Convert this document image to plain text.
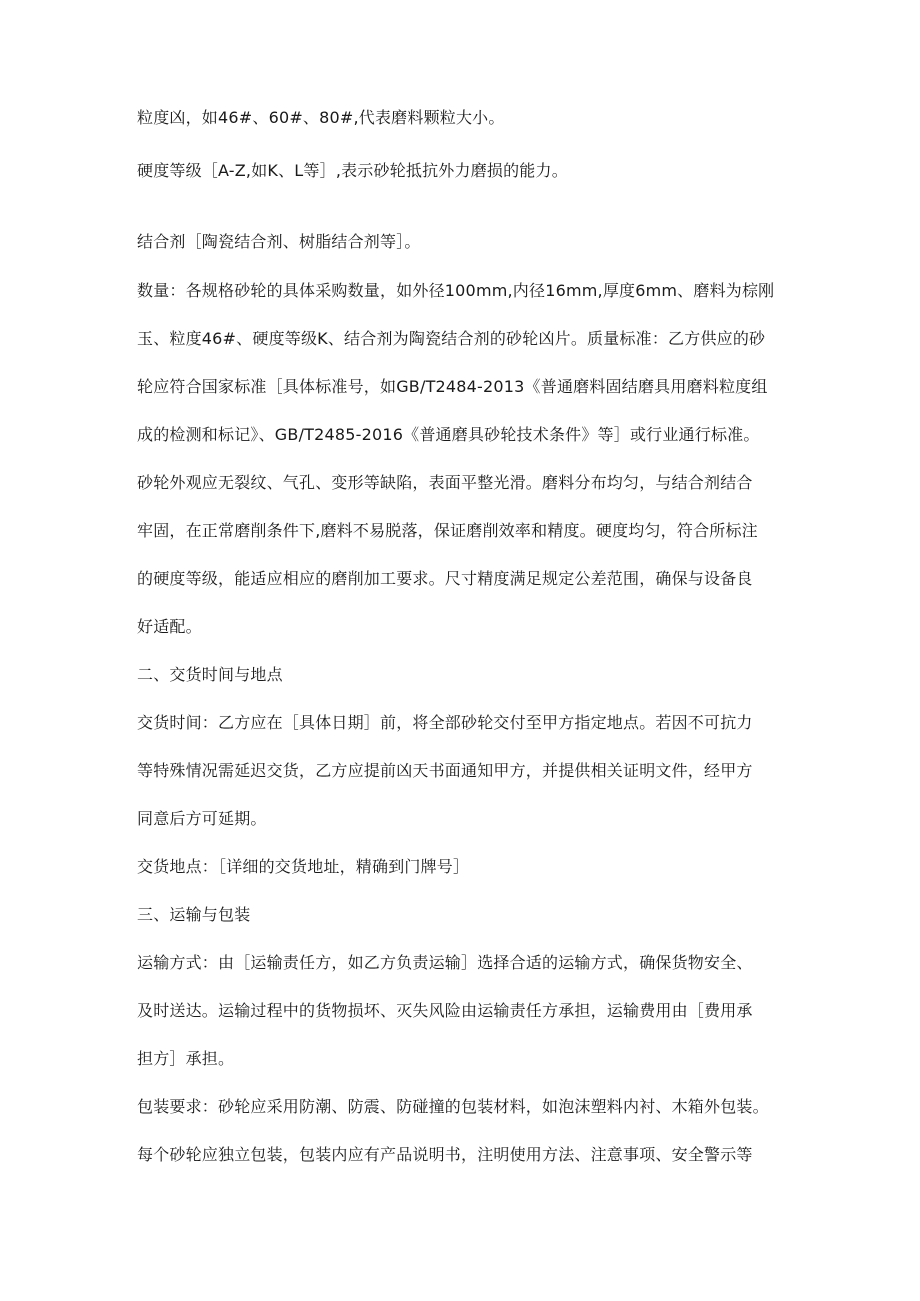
粒度凶，如46#、60#、80#,代表磨料颗粒大小。
硬度等级［A-Z,如K、L等］,表示砂轮抵抗外力磨损的能力。
结合剂［陶瓷结合剂、树脂结合剂等］。
数量：各规格砂轮的具体采购数量，如外径100mm,内径16mm,厚度6mm、磨料为棕刚
玉、粒度46#、硬度等级K、结合剂为陶瓷结合剂的砂轮凶片。质量标准：乙方供应的砂
轮应符合国家标准［具体标准号，如GB/T2484-2013《普通磨料固结磨具用磨料粒度组
成的检测和标记》、GB/T2485-2016《普通磨具砂轮技术条件》等］或行业通行标准。
砂轮外观应无裂纹、气孔、变形等缺陷，表面平整光滑。磨料分布均匀，与结合剂结合
牢固，在正常磨削条件下,磨料不易脱落，保证磨削效率和精度。硬度均匀，符合所标注
的硬度等级，能适应相应的磨削加工要求。尺寸精度满足规定公差范围，确保与设备良
好适配。
二、交货时间与地点
交货时间：乙方应在［具体日期］前，将全部砂轮交付至甲方指定地点。若因不可抗力
等特殊情况需延迟交货，乙方应提前凶天书面通知甲方，并提供相关证明文件，经甲方
同意后方可延期。
交货地点：［详细的交货地址，精确到门牌号］
三、运输与包装
运输方式：由［运输责任方，如乙方负责运输］选择合适的运输方式，确保货物安全、
及时送达。运输过程中的货物损坏、灭失风险由运输责任方承担，运输费用由［费用承
担方］承担。
包装要求：砂轮应采用防潮、防震、防碰撞的包装材料，如泡沫塑料内衬、木箱外包装。
每个砂轮应独立包装，包装内应有产品说明书，注明使用方法、注意事项、安全警示等
